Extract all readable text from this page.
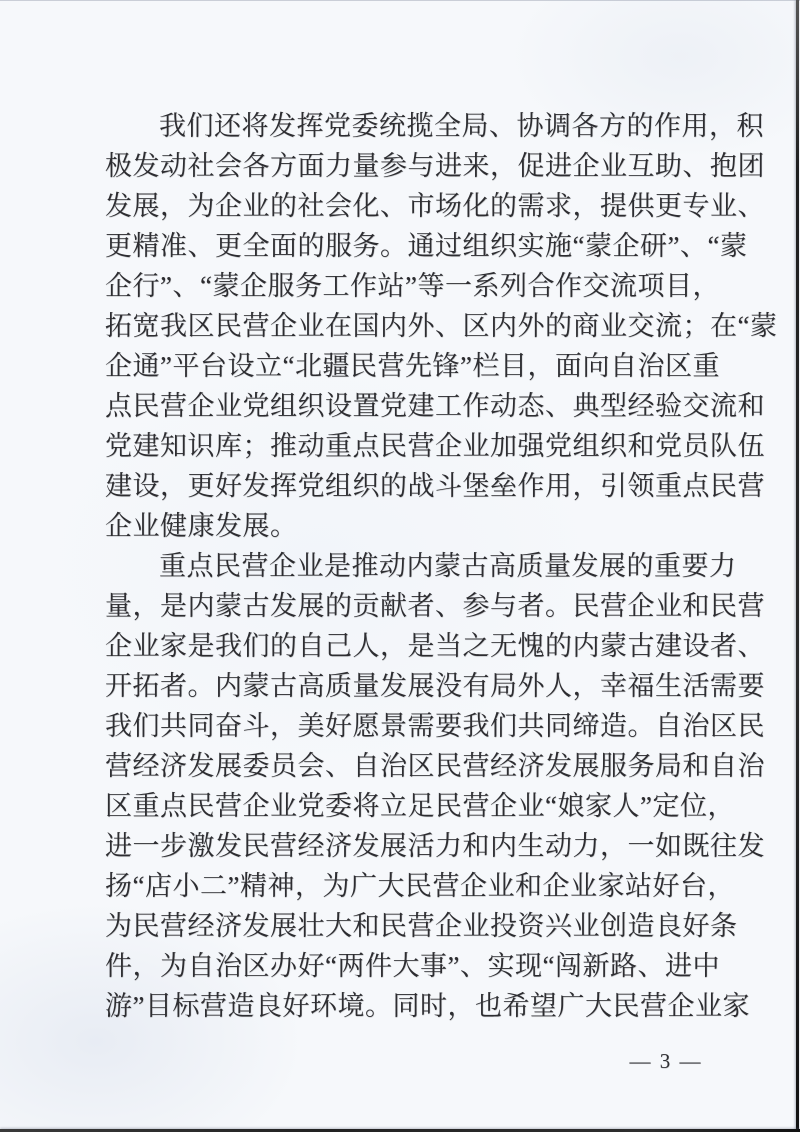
我们还将发挥党委统揽全局、协调各方的作用，积
极发动社会各方面力量参与进来，促进企业互助、抱团
发展，为企业的社会化、市场化的需求，提供更专业、
更精准、更全面的服务。通过组织实施“蒙企研”、“蒙
企行”、“蒙企服务工作站”等一系列合作交流项目，
拓宽我区民营企业在国内外、区内外的商业交流；在“蒙
企通”平台设立“北疆民营先锋”栏目，面向自治区重
点民营企业党组织设置党建工作动态、典型经验交流和
党建知识库；推动重点民营企业加强党组织和党员队伍
建设，更好发挥党组织的战斗堡垒作用，引领重点民营
企业健康发展。
重点民营企业是推动内蒙古高质量发展的重要力
量，是内蒙古发展的贡献者、参与者。民营企业和民营
企业家是我们的自己人，是当之无愧的内蒙古建设者、
开拓者。内蒙古高质量发展没有局外人，幸福生活需要
我们共同奋斗，美好愿景需要我们共同缔造。自治区民
营经济发展委员会、自治区民营经济发展服务局和自治
区重点民营企业党委将立足民营企业“娘家人”定位，
进一步激发民营经济发展活力和内生动力，一如既往发
扬“店小二”精神，为广大民营企业和企业家站好台，
为民营经济发展壮大和民营企业投资兴业创造良好条
件，为自治区办好“两件大事”、实现“闯新路、进中
游”目标营造良好环境。同时，也希望广大民营企业家
— 3 —
